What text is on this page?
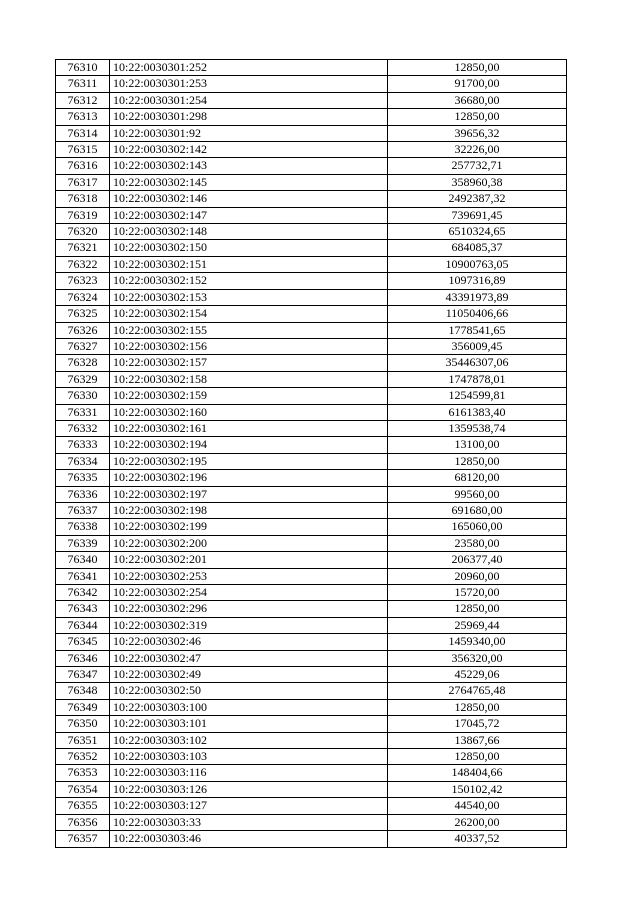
76310	10:22:0030301:252	12850,00
76311	10:22:0030301:253	91700,00
76312	10:22:0030301:254	36680,00
76313	10:22:0030301:298	12850,00
76314	10:22:0030301:92	39656,32
76315	10:22:0030302:142	32226,00
76316	10:22:0030302:143	257732,71
76317	10:22:0030302:145	358960,38
76318	10:22:0030302:146	2492387,32
76319	10:22:0030302:147	739691,45
76320	10:22:0030302:148	6510324,65
76321	10:22:0030302:150	684085,37
76322	10:22:0030302:151	10900763,05
76323	10:22:0030302:152	1097316,89
76324	10:22:0030302:153	43391973,89
76325	10:22:0030302:154	11050406,66
76326	10:22:0030302:155	1778541,65
76327	10:22:0030302:156	356009,45
76328	10:22:0030302:157	35446307,06
76329	10:22:0030302:158	1747878,01
76330	10:22:0030302:159	1254599,81
76331	10:22:0030302:160	6161383,40
76332	10:22:0030302:161	1359538,74
76333	10:22:0030302:194	13100,00
76334	10:22:0030302:195	12850,00
76335	10:22:0030302:196	68120,00
76336	10:22:0030302:197	99560,00
76337	10:22:0030302:198	691680,00
76338	10:22:0030302:199	165060,00
76339	10:22:0030302:200	23580,00
76340	10:22:0030302:201	206377,40
76341	10:22:0030302:253	20960,00
76342	10:22:0030302:254	15720,00
76343	10:22:0030302:296	12850,00
76344	10:22:0030302:319	25969,44
76345	10:22:0030302:46	1459340,00
76346	10:22:0030302:47	356320,00
76347	10:22:0030302:49	45229,06
76348	10:22:0030302:50	2764765,48
76349	10:22:0030303:100	12850,00
76350	10:22:0030303:101	17045,72
76351	10:22:0030303:102	13867,66
76352	10:22:0030303:103	12850,00
76353	10:22:0030303:116	148404,66
76354	10:22:0030303:126	150102,42
76355	10:22:0030303:127	44540,00
76356	10:22:0030303:33	26200,00
76357	10:22:0030303:46	40337,52
